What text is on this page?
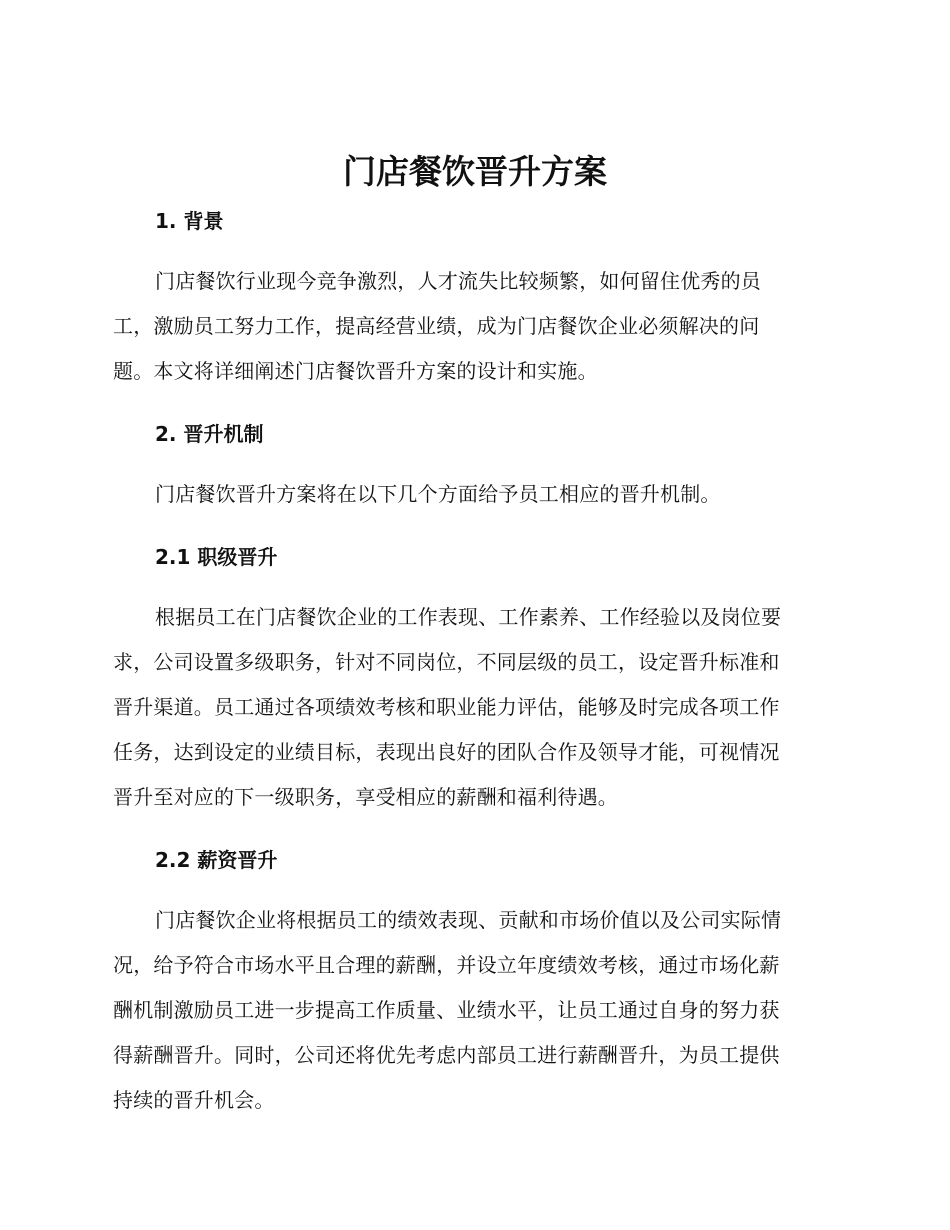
门店餐饮晋升方案
1. 背景

门店餐饮行业现今竞争激烈，人才流失比较频繁，如何留住优秀的员
工，激励员工努力工作，提高经营业绩，成为门店餐饮企业必须解决的问
题。本文将详细阐述门店餐饮晋升方案的设计和实施。

2. 晋升机制

门店餐饮晋升方案将在以下几个方面给予员工相应的晋升机制。

2.1 职级晋升

根据员工在门店餐饮企业的工作表现、工作素养、工作经验以及岗位要
求，公司设置多级职务，针对不同岗位，不同层级的员工，设定晋升标准和
晋升渠道。员工通过各项绩效考核和职业能力评估，能够及时完成各项工作
任务，达到设定的业绩目标，表现出良好的团队合作及领导才能，可视情况
晋升至对应的下一级职务，享受相应的薪酬和福利待遇。

2.2 薪资晋升

门店餐饮企业将根据员工的绩效表现、贡献和市场价值以及公司实际情
况，给予符合市场水平且合理的薪酬，并设立年度绩效考核，通过市场化薪
酬机制激励员工进一步提高工作质量、业绩水平，让员工通过自身的努力获
得薪酬晋升。同时，公司还将优先考虑内部员工进行薪酬晋升，为员工提供
持续的晋升机会。
